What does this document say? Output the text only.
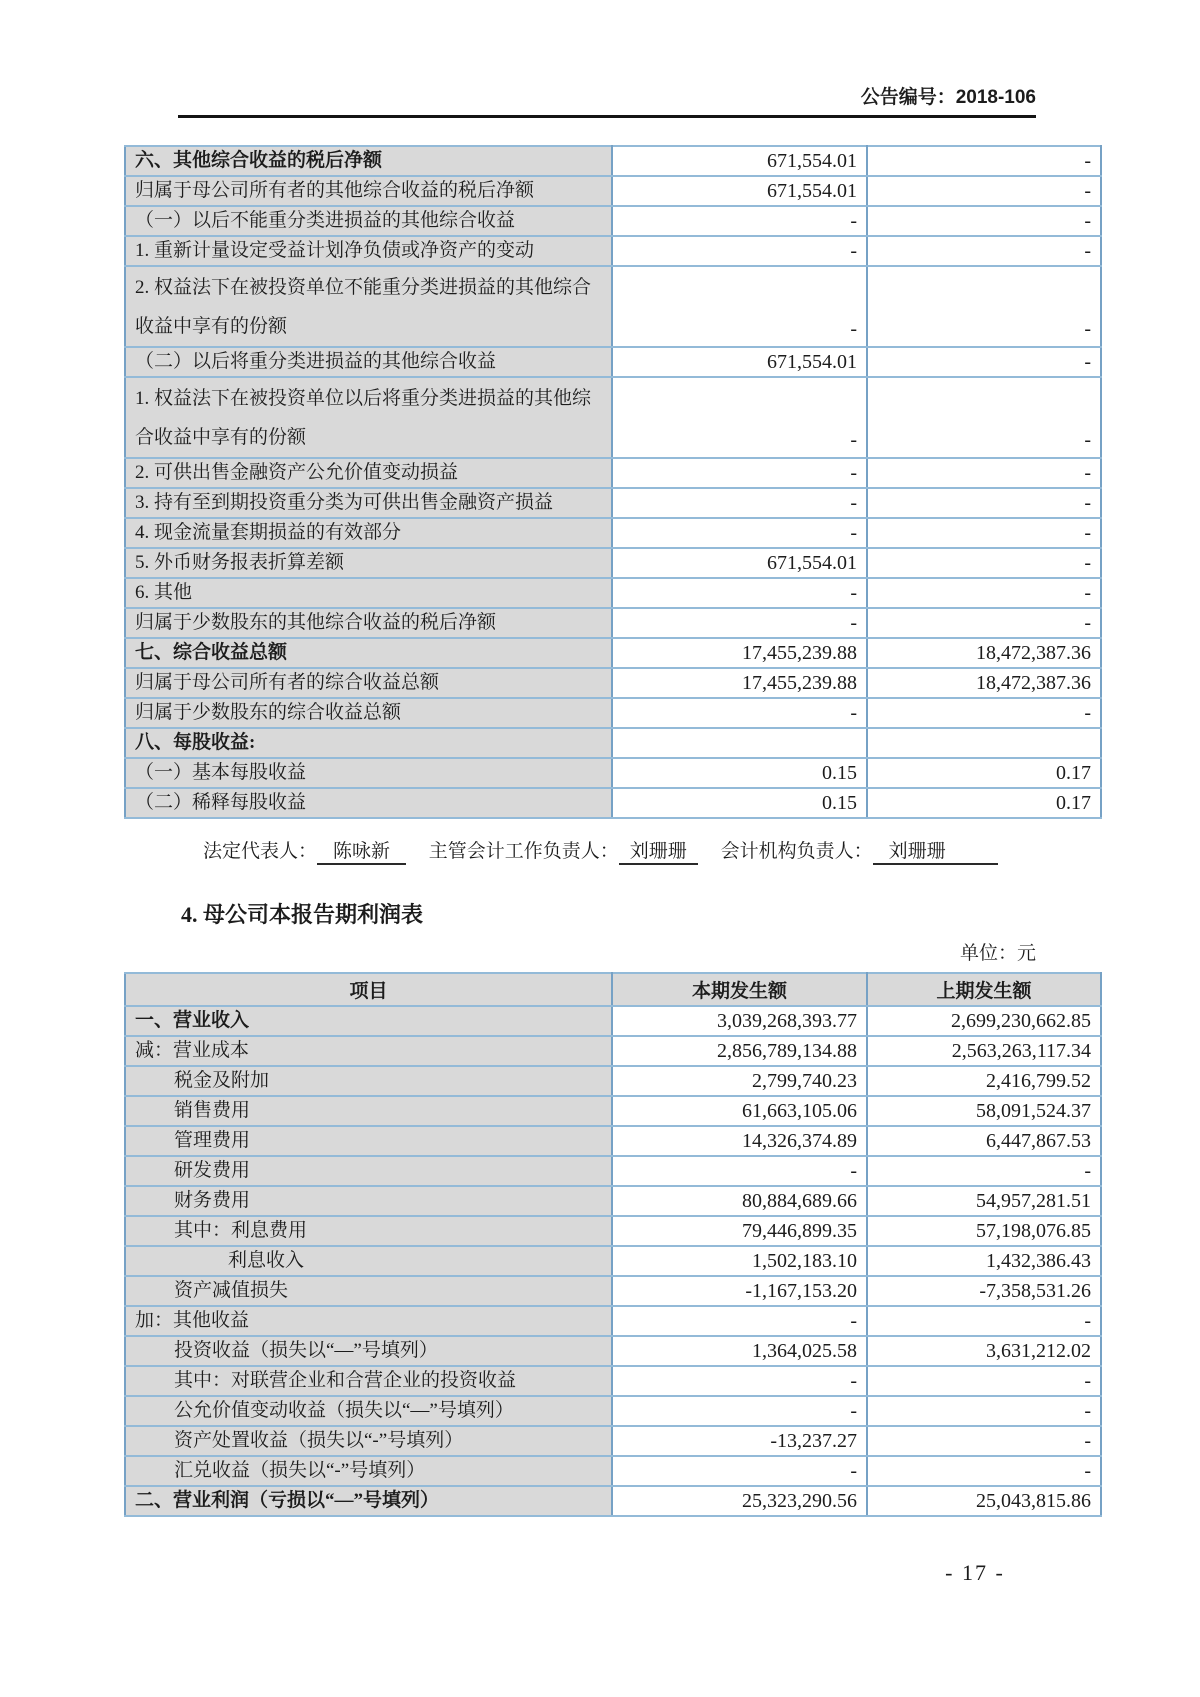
公告编号：2018-106
六、其他综合收益的税后净额	671,554.01	-
归属于母公司所有者的其他综合收益的税后净额	671,554.01	-
（一）以后不能重分类进损益的其他综合收益	-	-
1. 重新计量设定受益计划净负债或净资产的变动	-	-
2. 权益法下在被投资单位不能重分类进损益的其他综合收益中享有的份额	-	-
（二）以后将重分类进损益的其他综合收益	671,554.01	-
1. 权益法下在被投资单位以后将重分类进损益的其他综合收益中享有的份额	-	-
2. 可供出售金融资产公允价值变动损益	-	-
3. 持有至到期投资重分类为可供出售金融资产损益	-	-
4. 现金流量套期损益的有效部分	-	-
5. 外币财务报表折算差额	671,554.01	-
6. 其他	-	-
归属于少数股东的其他综合收益的税后净额	-	-
七、综合收益总额	17,455,239.88	18,472,387.36
归属于母公司所有者的综合收益总额	17,455,239.88	18,472,387.36
归属于少数股东的综合收益总额	-	-
八、每股收益:		
（一）基本每股收益	0.15	0.17
（二）稀释每股收益	0.15	0.17
法定代表人： 陈咏新 主管会计工作负责人： 刘珊珊 会计机构负责人： 刘珊珊
4. 母公司本报告期利润表
单位：元
项目	本期发生额	上期发生额
一、营业收入	3,039,268,393.77	2,699,230,662.85
减：营业成本	2,856,789,134.88	2,563,263,117.34
税金及附加	2,799,740.23	2,416,799.52
销售费用	61,663,105.06	58,091,524.37
管理费用	14,326,374.89	6,447,867.53
研发费用	-	-
财务费用	80,884,689.66	54,957,281.51
其中：利息费用	79,446,899.35	57,198,076.85
利息收入	1,502,183.10	1,432,386.43
资产减值损失	-1,167,153.20	-7,358,531.26
加：其他收益	-	-
投资收益（损失以“—”号填列）	1,364,025.58	3,631,212.02
其中：对联营企业和合营企业的投资收益	-	-
公允价值变动收益（损失以“—”号填列）	-	-
资产处置收益（损失以“-”号填列）	-13,237.27	-
汇兑收益（损失以“-”号填列）	-	-
二、营业利润（亏损以“—”号填列）	25,323,290.56	25,043,815.86
- 17 -
